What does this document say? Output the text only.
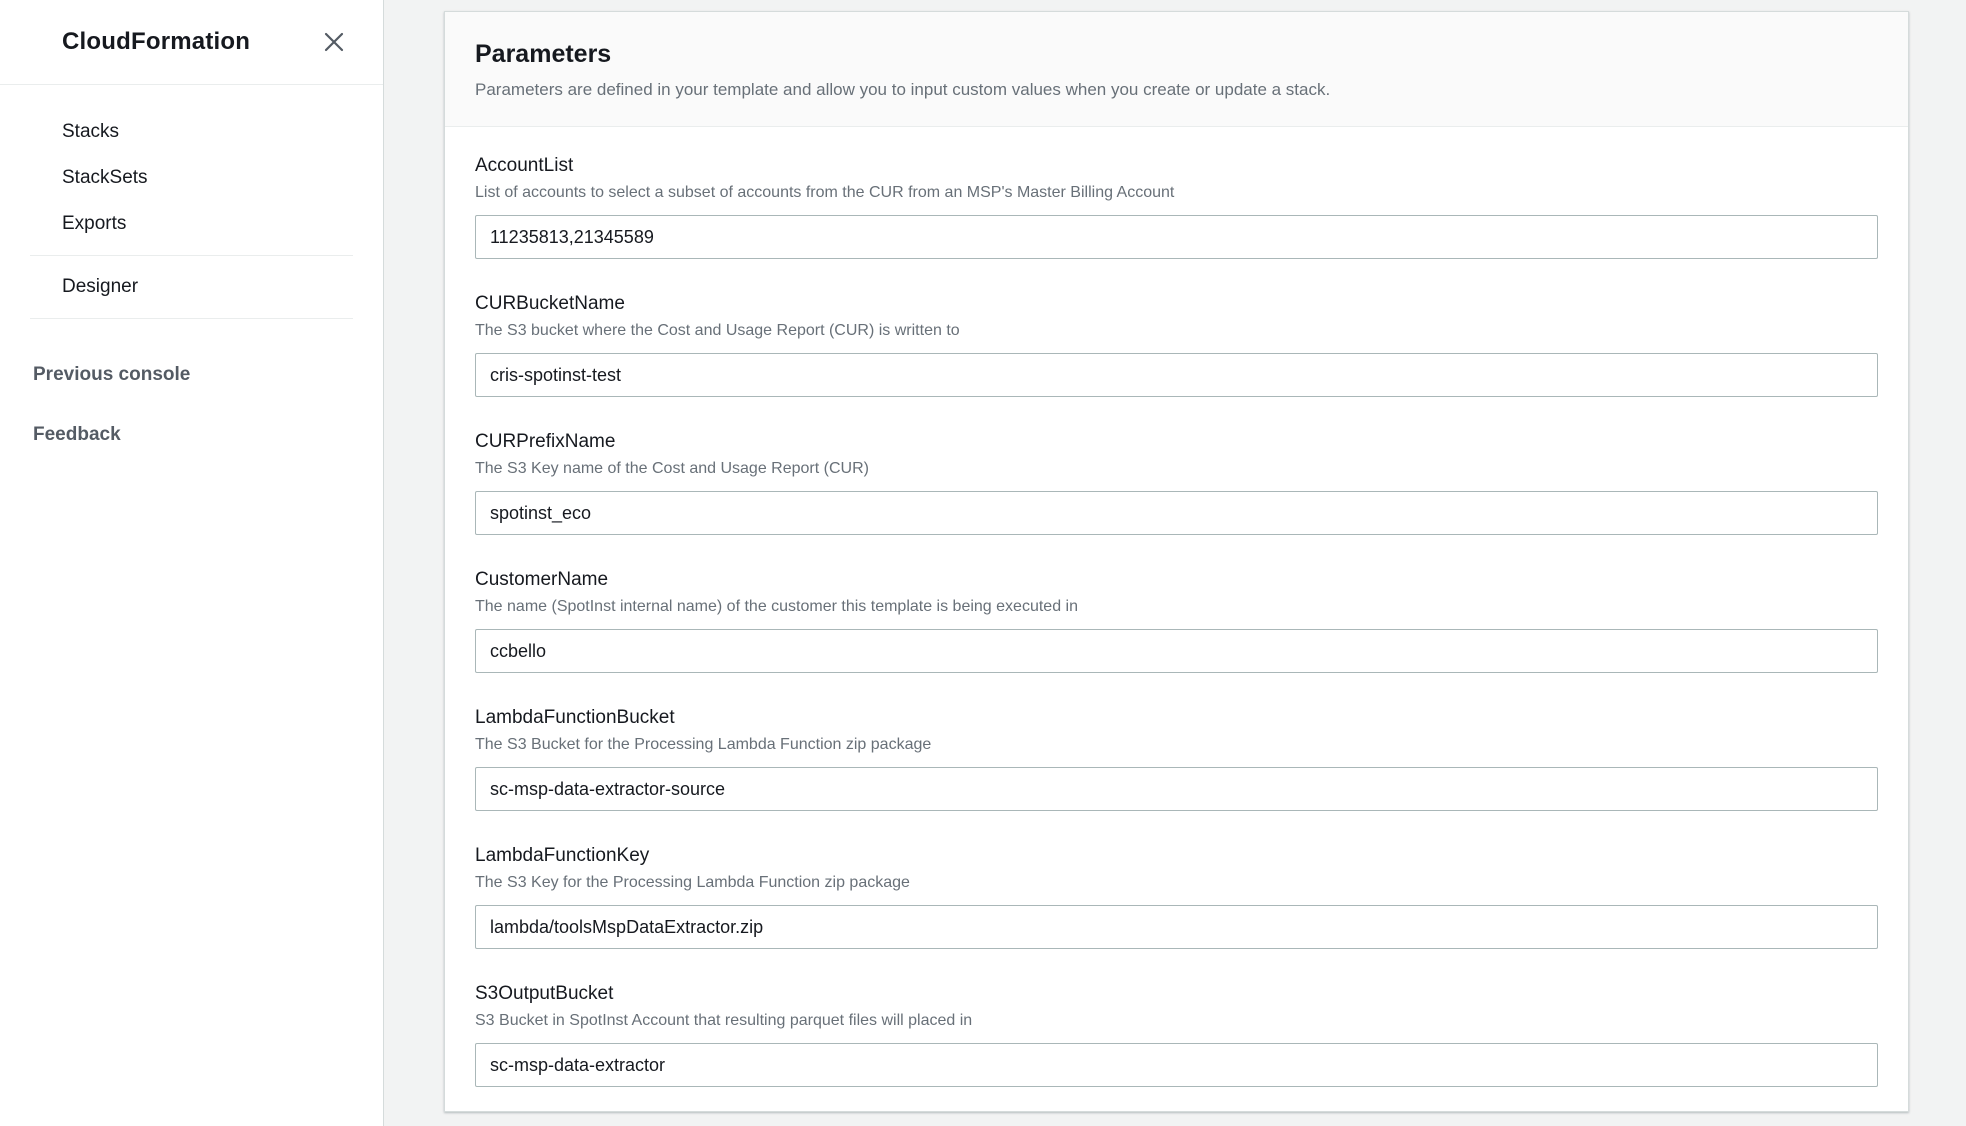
CloudFormation
Stacks
StackSets
Exports
Designer
Previous console
Feedback
Parameters

Parameters are defined in your template and allow you to input custom values when you create or update a stack.

AccountList

List of accounts to select a subset of accounts from the CUR from an MSP's Master Billing Account

11235813,21345589
CURBucketName

The S3 bucket where the Cost and Usage Report (CUR) is written to

cris-spotinst-test
CURPrefixName

The S3 Key name of the Cost and Usage Report (CUR)

spotinst_eco
CustomerName

The name (SpotInst internal name) of the customer this template is being executed in

ccbello
LambdaFunctionBucket

The S3 Bucket for the Processing Lambda Function zip package

sc-msp-data-extractor-source
LambdaFunctionKey

The S3 Key for the Processing Lambda Function zip package

lambda/toolsMspDataExtractor.zip
S3OutputBucket

S3 Bucket in SpotInst Account that resulting parquet files will placed in

sc-msp-data-extractor
